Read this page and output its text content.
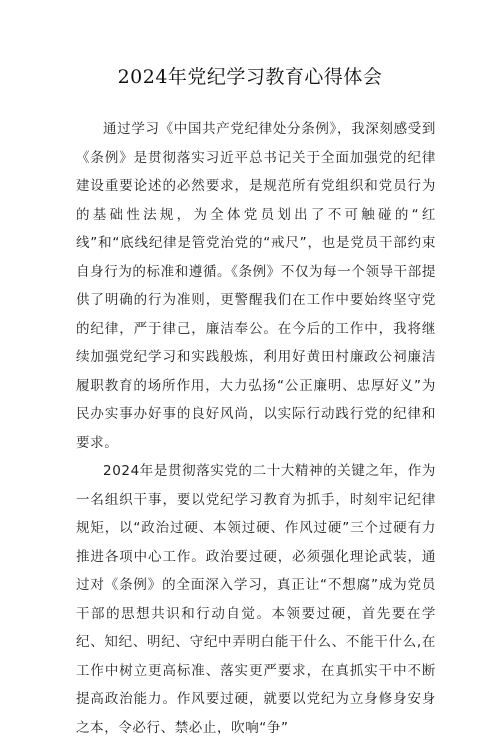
2024年党纪学习教育心得体会

通过学习《中国共产党纪律处分条例》，我深刻感受到《条例》是贯彻落实习近平总书记关于全面加强党的纪律建设重要论述的必然要求，是规范所有党组织和党员行为的基础性法规，为全体党员划出了不可触碰的“红线”和“底线纪律是管党治党的“戒尺”，也是党员干部约束自身行为的标准和遵循。《条例》不仅为每一个领导干部提供了明确的行为准则，更警醒我们在工作中要始终坚守党的纪律，严于律己，廉洁奉公。在今后的工作中，我将继续加强党纪学习和实践般炼，利用好黄田村廉政公祠廉洁履职教育的场所作用，大力弘扬“公正廉明、忠厚好义”为民办实事办好事的良好风尚，以实际行动践行党的纪律和要求。

2024年是贯彻落实党的二十大精神的关键之年，作为一名组织干事，要以党纪学习教育为抓手，时刻牢记纪律规矩，以“政治过硬、本领过硬、作风过硬”三个过硬有力推进各项中心工作。政治要过硬，必须强化理论武装，通过对《条例》的全面深入学习，真正让“不想腐”成为党员干部的思想共识和行动自觉。本领要过硬，首先要在学纪、知纪、明纪、守纪中弄明白能干什么、不能干什么,在工作中树立更高标准、落实更严要求，在真抓实干中不断提高政治能力。作风要过硬，就要以党纪为立身修身安身之本，令必行、禁必止，吹响“争”
